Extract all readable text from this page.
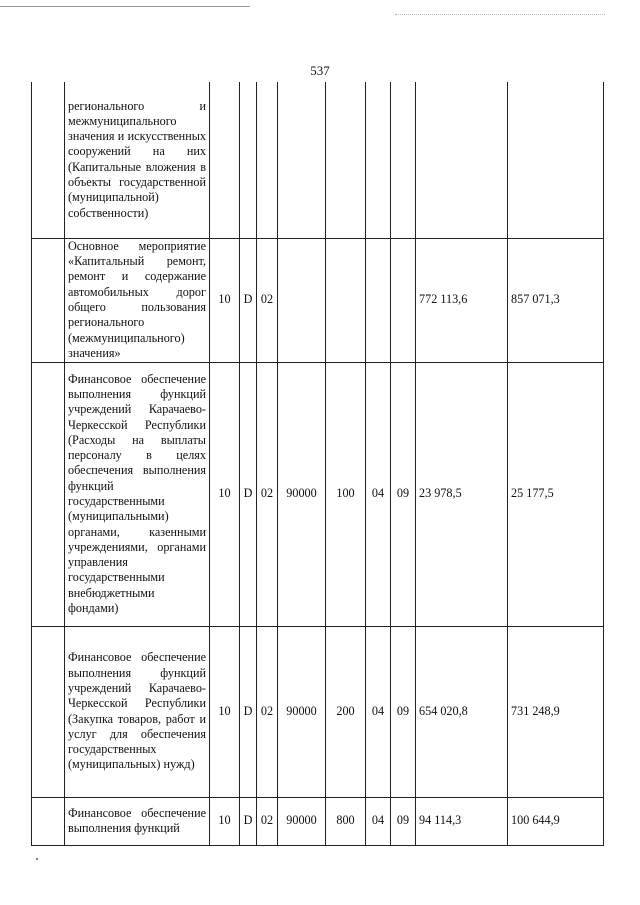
537
	регионального и межмуниципального значения и искусственных сооружений на них (Капитальные вложения в объекты государственной (муниципальной) собственности)									
	Основное мероприятие «Капитальный ремонт, ремонт и содержание автомобильных дорог общего пользования регионального (межмуниципального) значения»	10	D	02					772 113,6	857 071,3
	Финансовое обеспечение выполнения функций учреждений Карачаево-Черкесской Республики (Расходы на выплаты персоналу в целях обеспечения выполнения функций государственными (муниципальными) органами, казенными учреждениями, органами управления государственными внебюджетными фондами)	10	D	02	90000	100	04	09	23 978,5	25 177,5
	Финансовое обеспечение выполнения функций учреждений Карачаево-Черкесской Республики (Закупка товаров, работ и услуг для обеспечения государственных (муниципальных) нужд)	10	D	02	90000	200	04	09	654 020,8	731 248,9
	Финансовое обеспечение выполнения функций	10	D	02	90000	800	04	09	94 114,3	100 644,9
